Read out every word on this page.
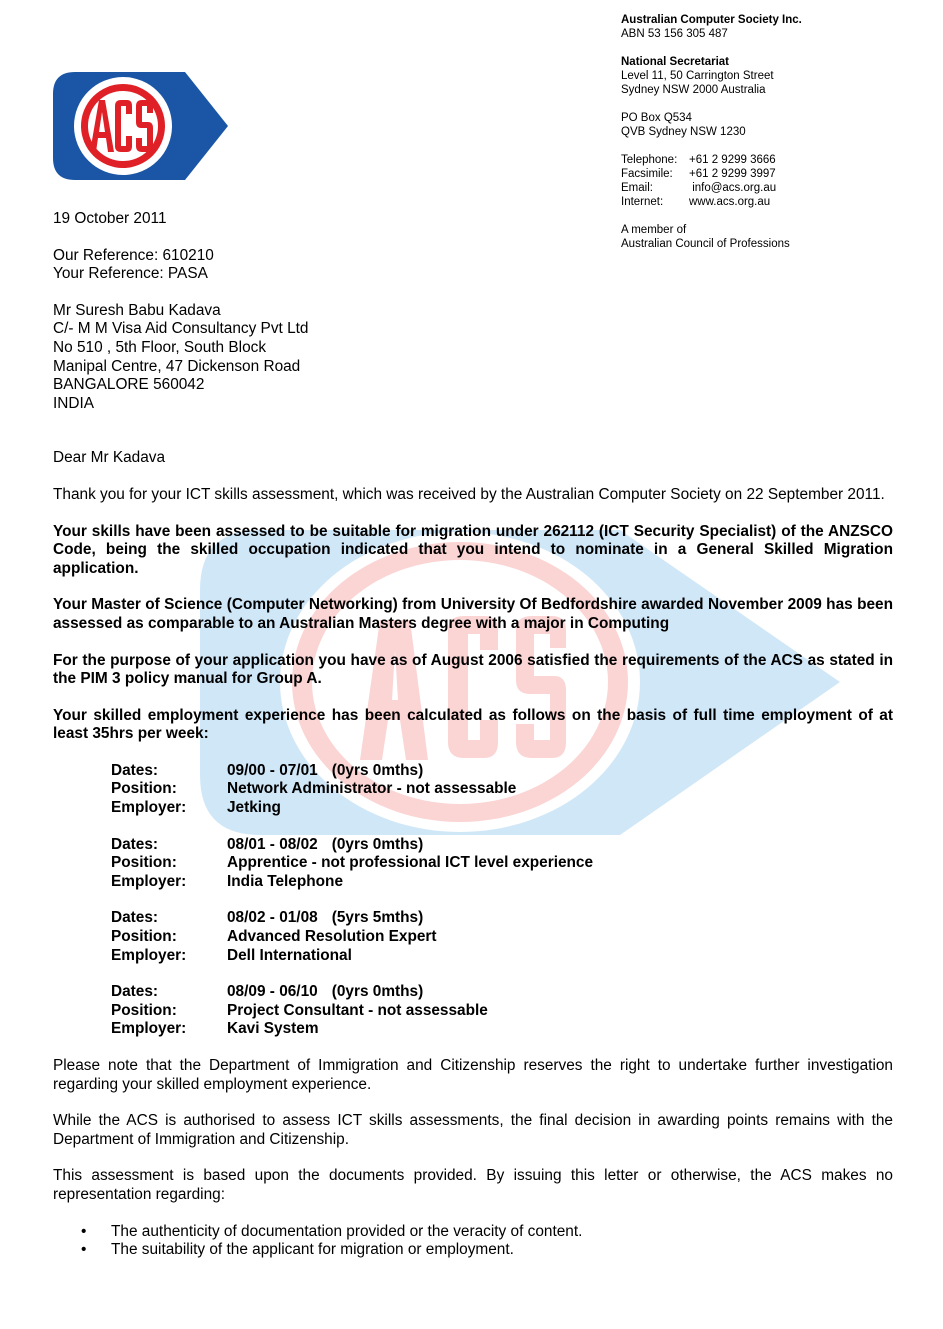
Australian Computer Society Inc.
ABN 53 156 305 487
National Secretariat
Level 11, 50 Carrington Street
Sydney NSW 2000 Australia
PO Box Q534
QVB Sydney NSW 1230
Telephone:	+61 2 9299 3666
Facsimile:	+61 2 9299 3997
Email:	info@acs.org.au
Internet:	www.acs.org.au
A member of
Australian Council of Professions

19 October 2011

Our Reference: 610210

Your Reference: PASA

Mr Suresh Babu Kadava
C/- M M Visa Aid Consultancy Pvt Ltd
No 510 , 5th Floor, South Block
Manipal Centre, 47 Dickenson Road
BANGALORE 560042
INDIA

Dear Mr Kadava

Thank you for your ICT skills assessment, which was received by the Australian Computer Society on 22 September 2011.

Your skills have been assessed to be suitable for migration under 262112 (ICT Security Specialist) of the ANZSCO Code, being the skilled occupation indicated that you intend to nominate in a General Skilled Migration application.

Your Master of Science (Computer Networking) from University Of Bedfordshire awarded November 2009 has been assessed as comparable to an Australian Masters degree with a major in Computing

For the purpose of your application you have as of August 2006 satisfied the requirements of the ACS as stated in the PIM 3 policy manual for Group A.

Your skilled employment experience has been calculated as follows on the basis of full time employment of at least 35hrs per week:

Dates:	09/00 - 07/01 (0yrs 0mths)
Position:	Network Administrator - not assessable
Employer:	Jetking
Dates:	08/01 - 08/02 (0yrs 0mths)
Position:	Apprentice - not professional ICT level experience
Employer:	India Telephone
Dates:	08/02 - 01/08 (5yrs 5mths)
Position:	Advanced Resolution Expert
Employer:	Dell International
Dates:	08/09 - 06/10 (0yrs 0mths)
Position:	Project Consultant - not assessable
Employer:	Kavi System

Please note that the Department of Immigration and Citizenship reserves the right to undertake further investigation regarding your skilled employment experience.

While the ACS is authorised to assess ICT skills assessments, the final decision in awarding points remains with the Department of Immigration and Citizenship.

This assessment is based upon the documents provided. By issuing this letter or otherwise, the ACS makes no representation regarding:

• The authenticity of documentation provided or the veracity of content.
• The suitability of the applicant for migration or employment.
